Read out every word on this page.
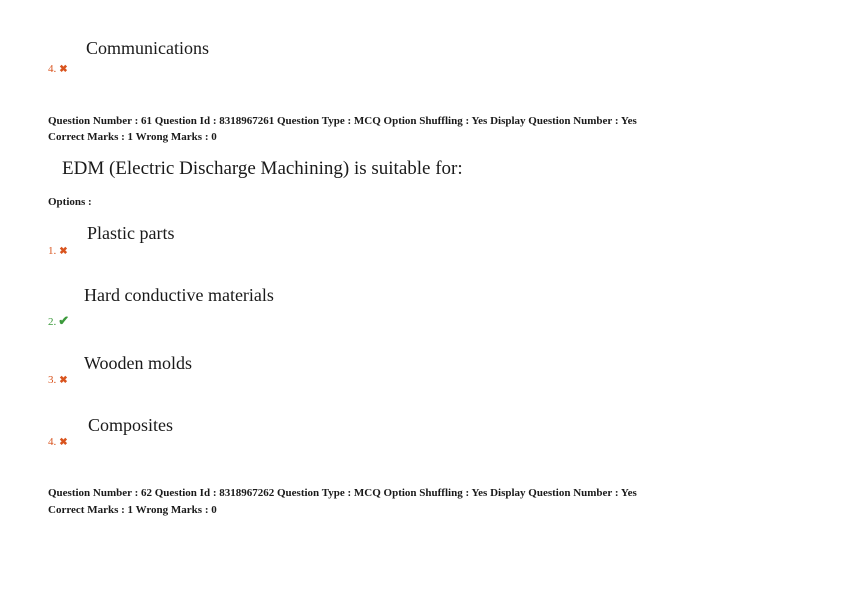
Communications
4. ✖
Question Number : 61 Question Id : 8318967261 Question Type : MCQ Option Shuffling : Yes Display Question Number : Yes
Correct Marks : 1 Wrong Marks : 0
EDM (Electric Discharge Machining) is suitable for:
Options :
Plastic parts
1. ✖
Hard conductive materials
2. ✔
Wooden molds
3. ✖
Composites
4. ✖
Question Number : 62 Question Id : 8318967262 Question Type : MCQ Option Shuffling : Yes Display Question Number : Yes
Correct Marks : 1 Wrong Marks : 0
